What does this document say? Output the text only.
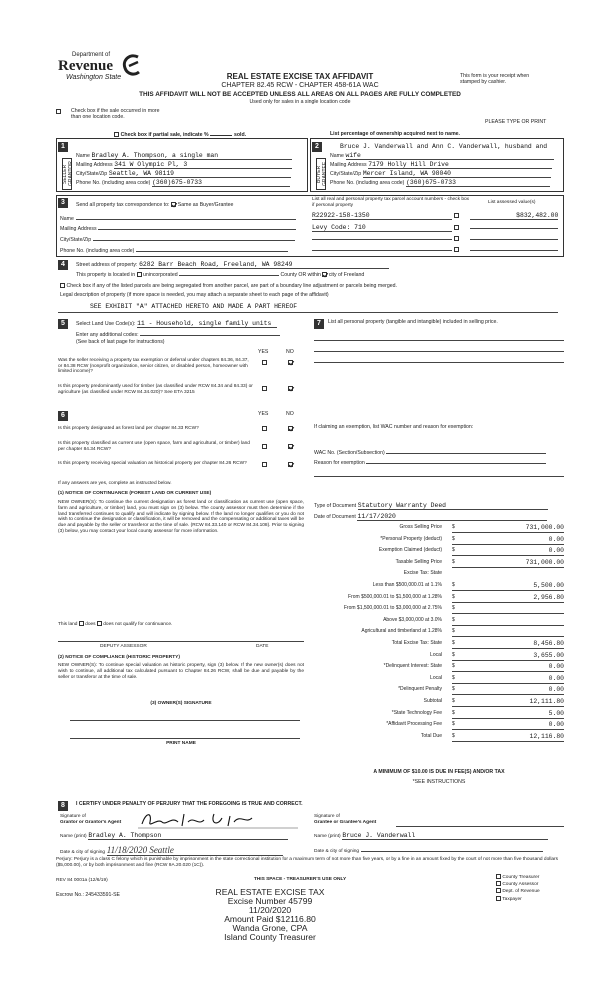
Department of
Revenue
Washington State	REAL ESTATE EXCISE TAX AFFIDAVIT
CHAPTER 82.45 RCW - CHAPTER 458-61A WAC
This form is your receipt when stamped by cashier.
THIS AFFIDAVIT WILL NOT BE ACCEPTED UNLESS ALL AREAS ON ALL PAGES ARE FULLY COMPLETED
Used only for sales in a single location code
Check box if the sale occurred in more than one location code.
PLEASE TYPE OR PRINT
Check box if partial sale, indicate %	sold.	List percentage of ownership acquired next to name.
1
SELLER GRANTOR
Name Bradley A. Thompson, a single man
Mailing Address 341 W Olympic Pl, 3
City/State/Zip Seattle, WA 98119
Phone No. (including area code) (360)675-0733
2
BUYER GRANTEE
Bruce J. Vanderwall and Ann C. Vanderwall, husband and
Name wife
Mailing Address 7179 Holly Hill Drive
City/State/Zip Mercer Island, WA 98040
Phone No. (including area code) (360)675-0733
3	Send all property tax correspondence to: Same as Buyer/Grantee
Name
Mailing Address
City/State/Zip
Phone No. (including area code)
List all real and personal property tax parcel account numbers - check box if personal property
List assessed value(s)
R22922-158-1350	$832,482.00
Levy Code: 710

4	Street address of property: 6282 Barr Beach Road, Freeland, WA 98249
This property is located in unincorporated	County OR within city of Freeland
Check box if any of the listed parcels are being segregated from another parcel, are part of a boundary line adjustment or parcels being merged.
Legal description of property (if more space is needed, you may attach a separate sheet to each page of the affidavit)
SEE EXHIBIT "A" ATTACHED HERETO AND MADE A PART HEREOF
5	Select Land Use Code(s): 11 - Household, single family units
Enter any additional codes:
(See back of last page for instructions)
YES	NO
Was the seller receiving a property tax exemption or deferral under chapters 84.36, 84.37, or 84.38 RCW (nonprofit organization, senior citizen, or disabled person, homeowner with limited income)?
Is this property predominantly used for timber (as classified under RCW 84.34 and 84.33) or agriculture (as classified under RCW 84.34.020)? See ETA 3215
6	YES	NO
Is this property designated as forest land per chapter 84.33 RCW?
Is this property classified as current use (open space, farm and agricultural, or timber) land per chapter 84.34 RCW?
Is this property receiving special valuation as historical property per chapter 84.26 RCW?
If any answers are yes, complete as instructed below.
(1) NOTICE OF CONTINUANCE (FOREST LAND OR CURRENT USE)
NEW OWNER(S): To continue the current designation as forest land or classification as current use (open space, farm and agriculture, or timber) land, you must sign on (3) below. The county assessor must then determine if the land transferred continues to qualify and will indicate by signing below. If the land no longer qualifies or you do not wish to continue the designation or classification, it will be removed and the compensating or additional taxes will be due and payable by the seller or transferor at the time of sale. (RCW 84.33.140 or RCW 84.34.108). Prior to signing (3) below, you may contact your local county assessor for more information.
This land does does not qualify for continuance.
DEPUTY ASSESSOR	DATE
(2) NOTICE OF COMPLIANCE (HISTORIC PROPERTY)
NEW OWNER(S): To continue special valuation as historic property, sign (3) below. If the new owner(s) does not wish to continue, all additional tax calculated pursuant to Chapter 84.26 RCW, shall be due and payable by the seller or transferor at the time of sale.
(3) OWNER(S) SIGNATURE
PRINT NAME
7	List all personal property (tangible and intangible) included in selling price.
If claiming an exemption, list WAC number and reason for exemption:
WAC No. (Section/Subsection)
Reason for exemption
Type of Document Statutory Warranty Deed
Date of Document 11/17/2020
Gross Selling Price $	731,000.00
*Personal Property (deduct) $	0.00
Exemption Claimed (deduct) $	0.00
Taxable Selling Price $	731,000.00
Excise Tax: State
Less than $500,000.01 at 1.1% $	5,500.00
From $500,000.01 to $1,500,000 at 1.28% $	2,956.80
From $1,500,000.01 to $3,000,000 at 2.75% $
Above $3,000,000 at 3.0% $
Agricultural and timberland at 1.28% $
Total Excise Tax: State $	8,456.80
Local $	3,655.00
*Delinquent Interest: State $	0.00
Local $	0.00
*Delinquent Penalty $	0.00
Subtotal $	12,111.80
*State Technology Fee $	5.00
*Affidavit Processing Fee $	0.00
Total Due $	12,116.80
A MINIMUM OF $10.00 IS DUE IN FEE(S) AND/OR TAX
*SEE INSTRUCTIONS
8	I CERTIFY UNDER PENALTY OF PERJURY THAT THE FOREGOING IS TRUE AND CORRECT.
Signature of
Grantor or Grantor's Agent
Name (print) Bradley A. Thompson
Date & city of signing 11/18/2020 Seattle
Signature of
Grantee or Grantee's Agent
Name (print) Bruce J. Vanderwall
Date & city of signing
Perjury: Perjury is a class C felony which is punishable by imprisonment in the state correctional institution for a maximum term of not more than five years, or by a fine in an amount fixed by the court of not more than five thousand dollars ($5,000.00), or by both imprisonment and fine (RCW 9A.20.020 (1C)).
REV 84 0001a (12/6/19)	THIS SPACE - TREASURER'S USE ONLY
Escrow No.: 245433591-SE	REAL ESTATE EXCISE TAX
Excise Number 45799
11/20/2020
Amount Paid $12116.80
Wanda Grone, CPA
Island County Treasurer
County Treasurer
County Assessor
Dept. of Revenue
Taxpayer
